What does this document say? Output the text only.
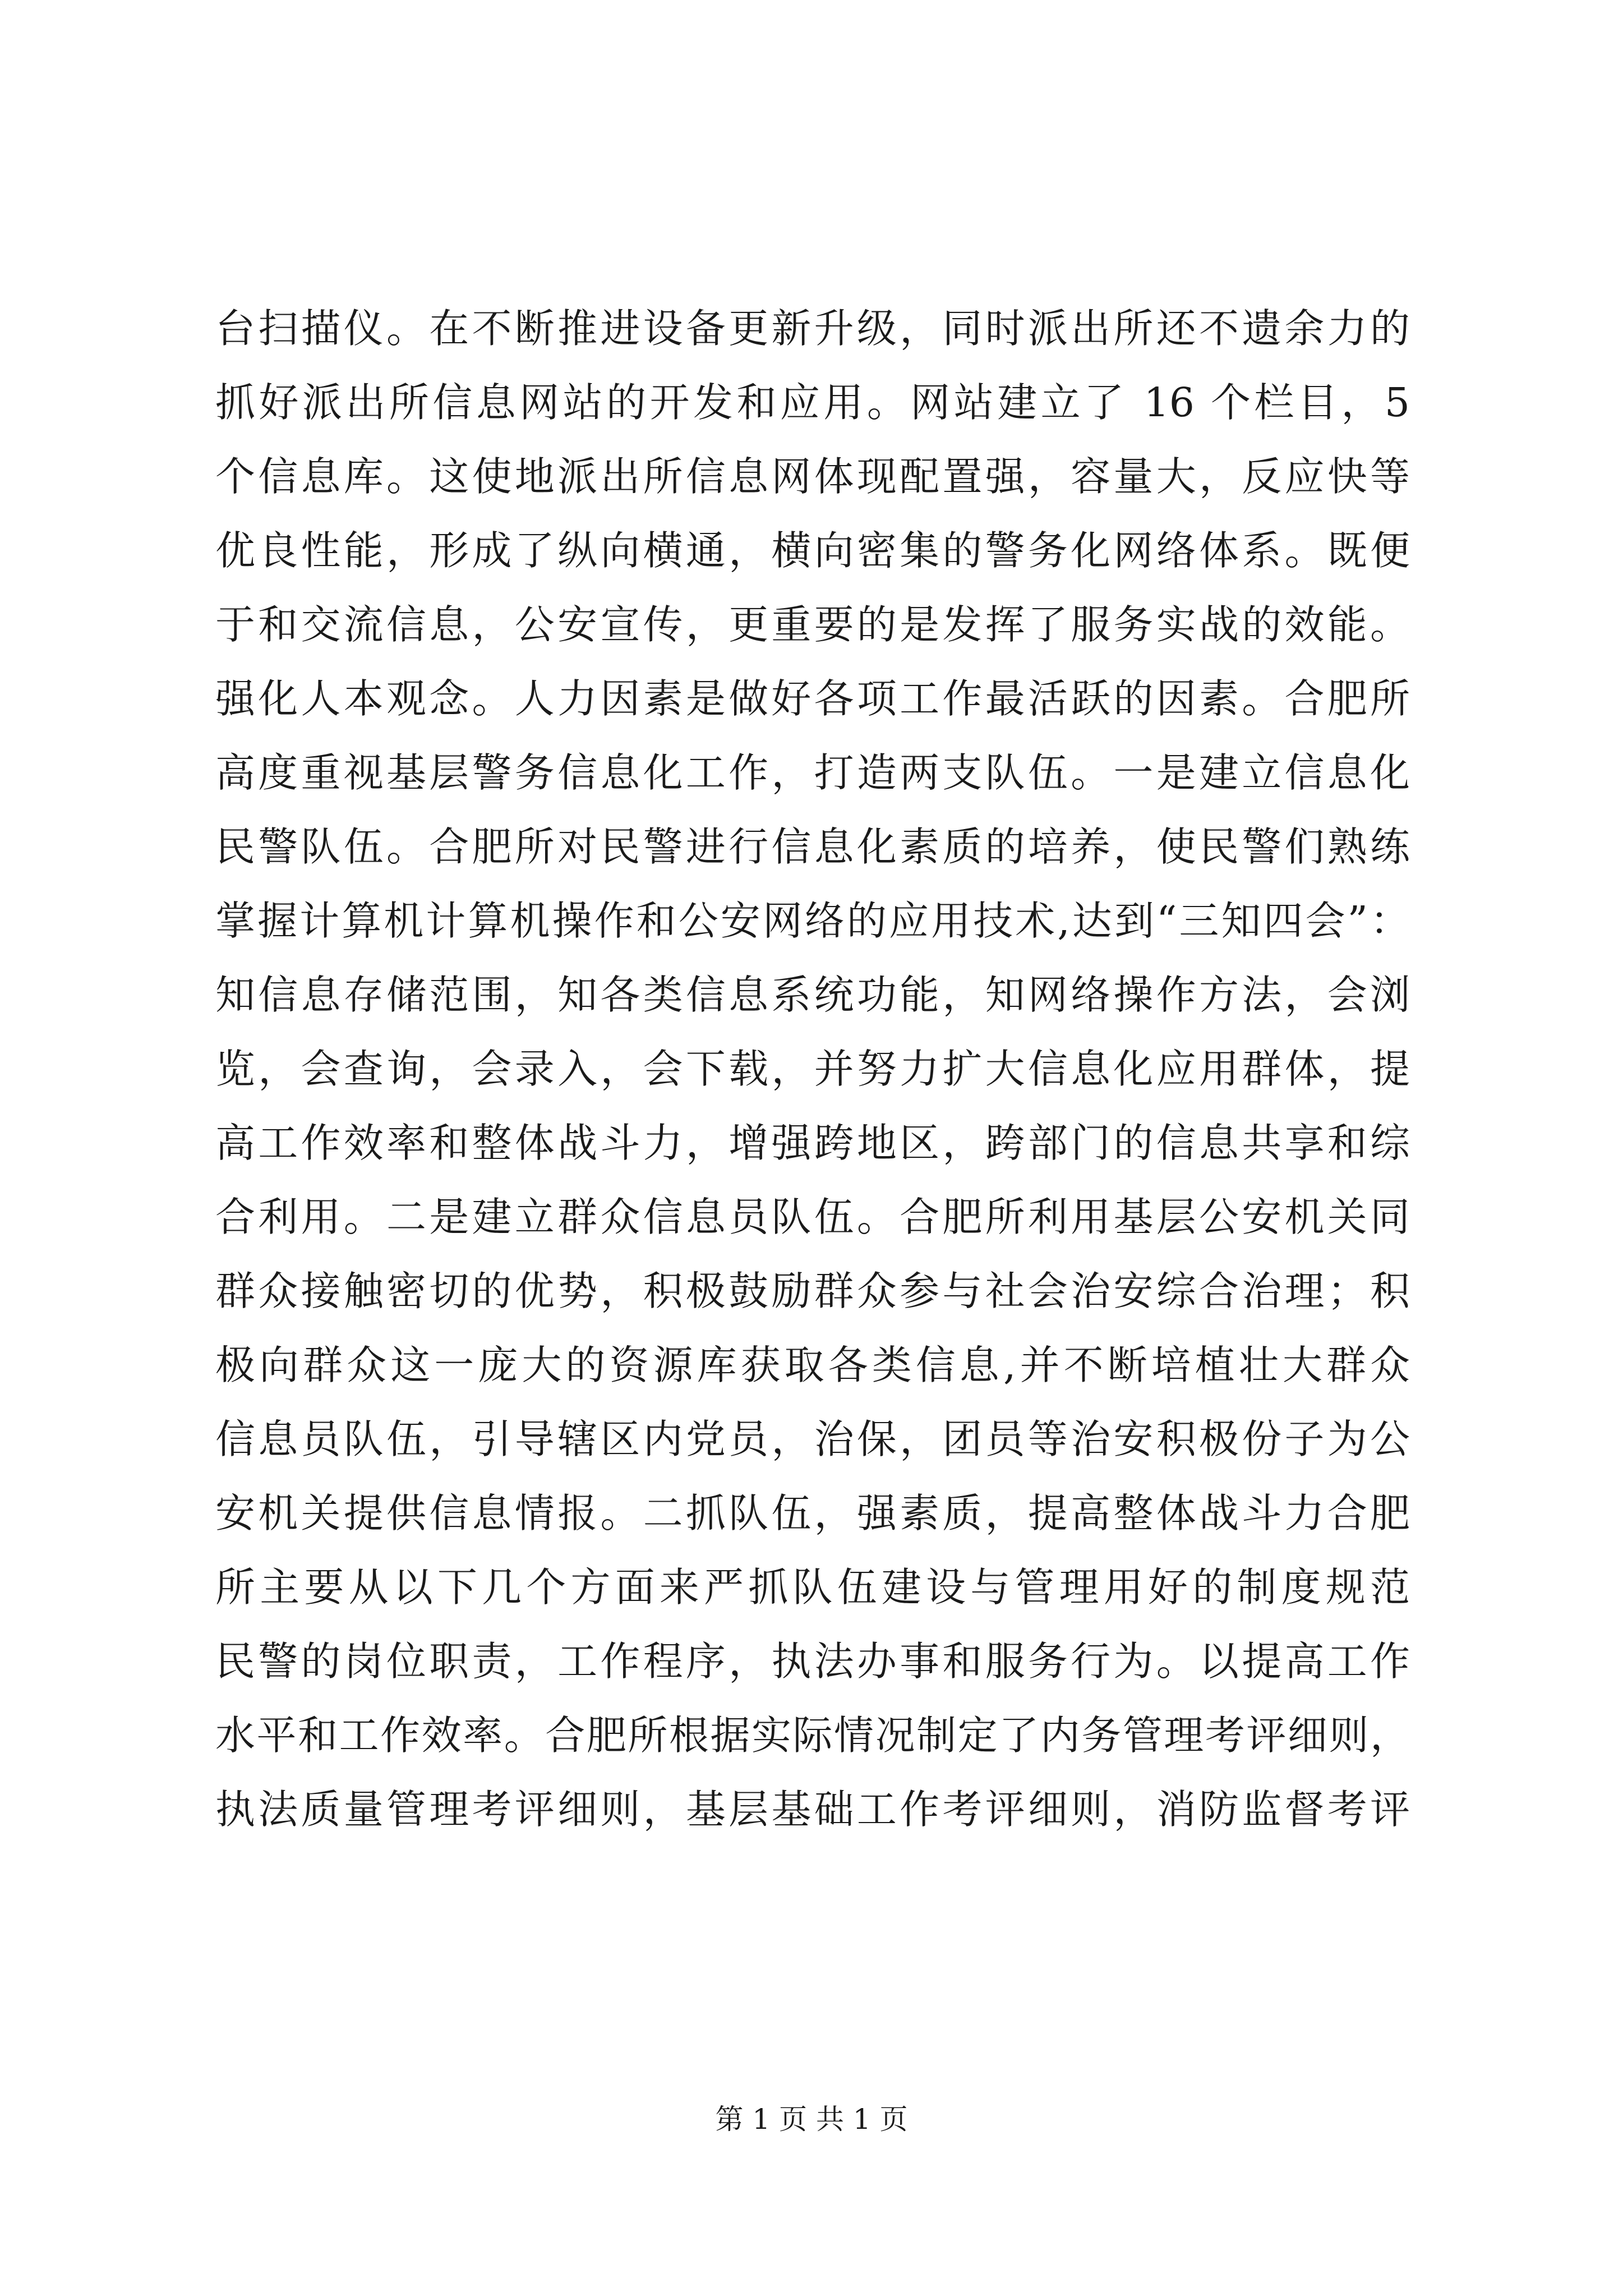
台扫描仪。在不断推进设备更新升级，同时派出所还不遗余力的
抓好派出所信息网站的开发和应用。网站建立了 16 个栏目，5
个信息库。这使地派出所信息网体现配置强，容量大，反应快等
优良性能，形成了纵向横通，横向密集的警务化网络体系。既便
于和交流信息，公安宣传，更重要的是发挥了服务实战的效能。
强化人本观念。人力因素是做好各项工作最活跃的因素。合肥所
高度重视基层警务信息化工作，打造两支队伍。一是建立信息化
民警队伍。合肥所对民警进行信息化素质的培养，使民警们熟练
掌握计算机计算机操作和公安网络的应用技术,达到“三知四会”：
知信息存储范围，知各类信息系统功能，知网络操作方法，会浏
览，会查询，会录入，会下载，并努力扩大信息化应用群体，提
高工作效率和整体战斗力，增强跨地区，跨部门的信息共享和综
合利用。二是建立群众信息员队伍。合肥所利用基层公安机关同
群众接触密切的优势，积极鼓励群众参与社会治安综合治理；积
极向群众这一庞大的资源库获取各类信息,并不断培植壮大群众
信息员队伍，引导辖区内党员，治保，团员等治安积极份子为公
安机关提供信息情报。二抓队伍，强素质，提高整体战斗力合肥
所主要从以下几个方面来严抓队伍建设与管理用好的制度规范
民警的岗位职责，工作程序，执法办事和服务行为。以提高工作
水平和工作效率。合肥所根据实际情况制定了内务管理考评细则，
执法质量管理考评细则，基层基础工作考评细则，消防监督考评
第 1 页 共 1 页
